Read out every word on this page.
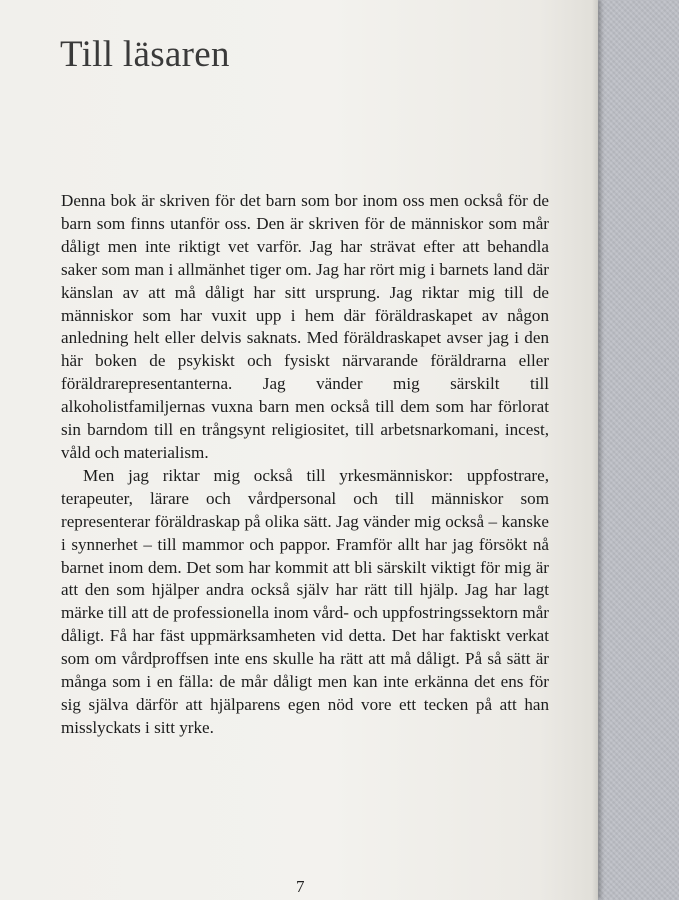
Till läsaren

Denna bok är skriven för det barn som bor inom oss men också för de barn som finns utanför oss. Den är skriven för de människor som mår dåligt men inte riktigt vet varför. Jag har strävat efter att behandla saker som man i allmänhet tiger om. Jag har rört mig i barnets land där känslan av att må dåligt har sitt ursprung. Jag riktar mig till de människor som har vuxit upp i hem där föräldraskapet av någon anledning helt eller delvis saknats. Med föräldraskapet avser jag i den här boken de psykiskt och fysiskt närvarande föräldrarna eller föräldrarepresentanterna. Jag vänder mig särskilt till alkoholistfamiljernas vuxna barn men också till dem som har förlorat sin barndom till en trångsynt religiositet, till arbetsnarkomani, incest, våld och materialism.

Men jag riktar mig också till yrkesmänniskor: uppfostrare, terapeuter, lärare och vårdpersonal och till människor som representerar föräldraskap på olika sätt. Jag vänder mig också – kanske i synnerhet – till mammor och pappor. Framför allt har jag försökt nå barnet inom dem. Det som har kommit att bli särskilt viktigt för mig är att den som hjälper andra också själv har rätt till hjälp. Jag har lagt märke till att de professionella inom vård- och uppfostringssektorn mår dåligt. Få har fäst uppmärksamheten vid detta. Det har faktiskt verkat som om vårdproffsen inte ens skulle ha rätt att må dåligt. På så sätt är många som i en fälla: de mår dåligt men kan inte erkänna det ens för sig själva därför att hjälparens egen nöd vore ett tecken på att han misslyckats i sitt yrke.

7
